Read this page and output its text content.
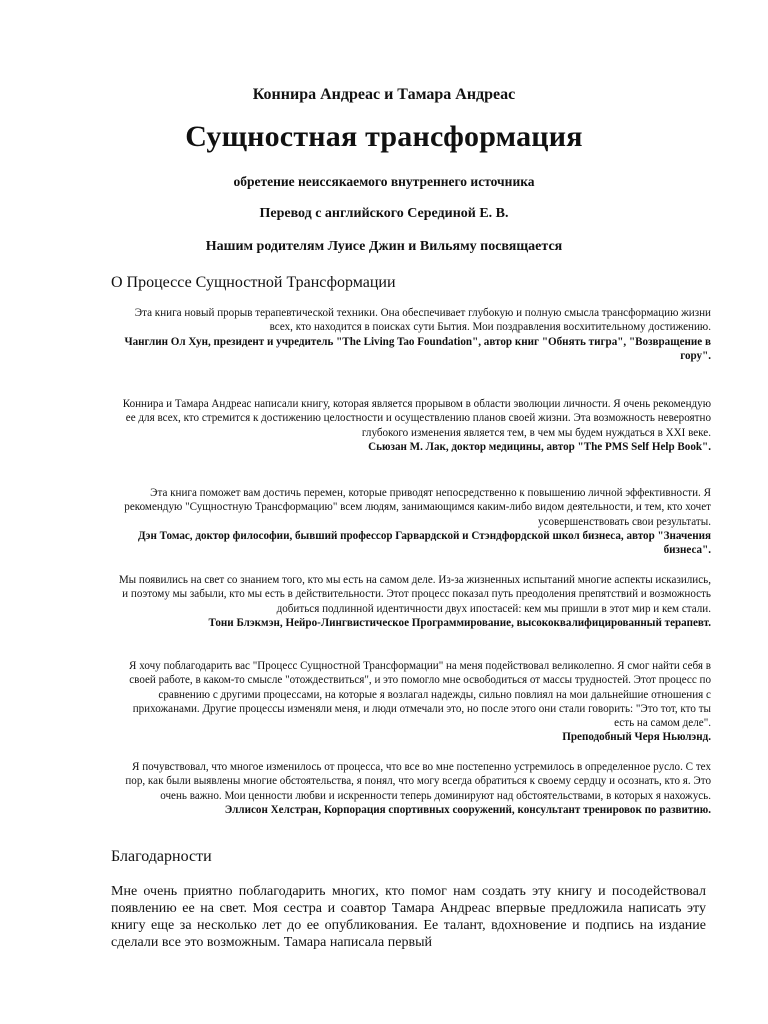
Коннира Андреас и Тамара Андреас
Сущностная трансформация
обретение неиссякаемого внутреннего источника
Перевод с английского Серединой Е. В.
Нашим родителям Луисе Джин и Вильяму посвящается
О Процессе Сущностной Трансформации
Эта книга новый прорыв терапевтической техники. Она обеспечивает глубокую и полную смысла трансформацию жизни всех, кто находится в поисках сути Бытия. Мои поздравления восхитительному достижению.
Чанглин Ол Хун, президент и учредитель "The Living Tao Foundation", автор книг "Обнять тигра", "Возвращение в гору".
Коннира и Тамара Андреас написали книгу, которая является прорывом в области эволюции личности. Я очень рекомендую ее для всех, кто стремится к достижению целостности и осуществлению планов своей жизни. Эта возможность невероятно глубокого изменения является тем, в чем мы будем нуждаться в XXI веке.
Сьюзан М. Лак, доктор медицины, автор "The PMS Self Help Book".
Эта книга поможет вам достичь перемен, которые приводят непосредственно к повышению личной эффективности. Я рекомендую "Сущностную Трансформацию" всем людям, занимающимся каким-либо видом деятельности, и тем, кто хочет усовершенствовать свои результаты.
Дэн Томас, доктор философии, бывший профессор Гарвардской и Стэндфордской школ бизнеса, автор "Значения бизнеса".
Мы появились на свет со знанием того, кто мы есть на самом деле. Из-за жизненных испытаний многие аспекты исказились, и поэтому мы забыли, кто мы есть в действительности. Этот процесс показал путь преодоления препятствий и возможность добиться подлинной идентичности двух ипостасей: кем мы пришли в этот мир и кем стали.
Тони Блэкмэн, Нейро-Лингвистическое Программирование, высококвалифицированный терапевт.
Я хочу поблагодарить вас "Процесс Сущностной Трансформации" на меня подействовал великолепно. Я смог найти себя в своей работе, в каком-то смысле "отождествиться", и это помогло мне освободиться от массы трудностей. Этот процесс по сравнению с другими процессами, на которые я возлагал надежды, сильно повлиял на мои дальнейшие отношения с прихожанами. Другие процессы изменяли меня, и люди отмечали это, но после этого они стали говорить: "Это тот, кто ты есть на самом деле".
Преподобный Черя Ньюлэнд.
Я почувствовал, что многое изменилось от процесса, что все во мне постепенно устремилось в определенное русло. С тех пор, как были выявлены многие обстоятельства, я понял, что могу всегда обратиться к своему сердцу и осознать, кто я. Это очень важно. Мои ценности любви и искренности теперь доминируют над обстоятельствами, в которых я нахожусь.
Эллисон Хелстран, Корпорация спортивных сооружений, консультант тренировок по развитию.
Благодарности
Мне очень приятно поблагодарить многих, кто помог нам создать эту книгу и посодействовал появлению ее на свет. Моя сестра и соавтор Тамара Андреас впервые предложила написать эту книгу еще за несколько лет до ее опубликования. Ее талант, вдохновение и подпись на издание сделали все это возможным. Тамара написала первый
